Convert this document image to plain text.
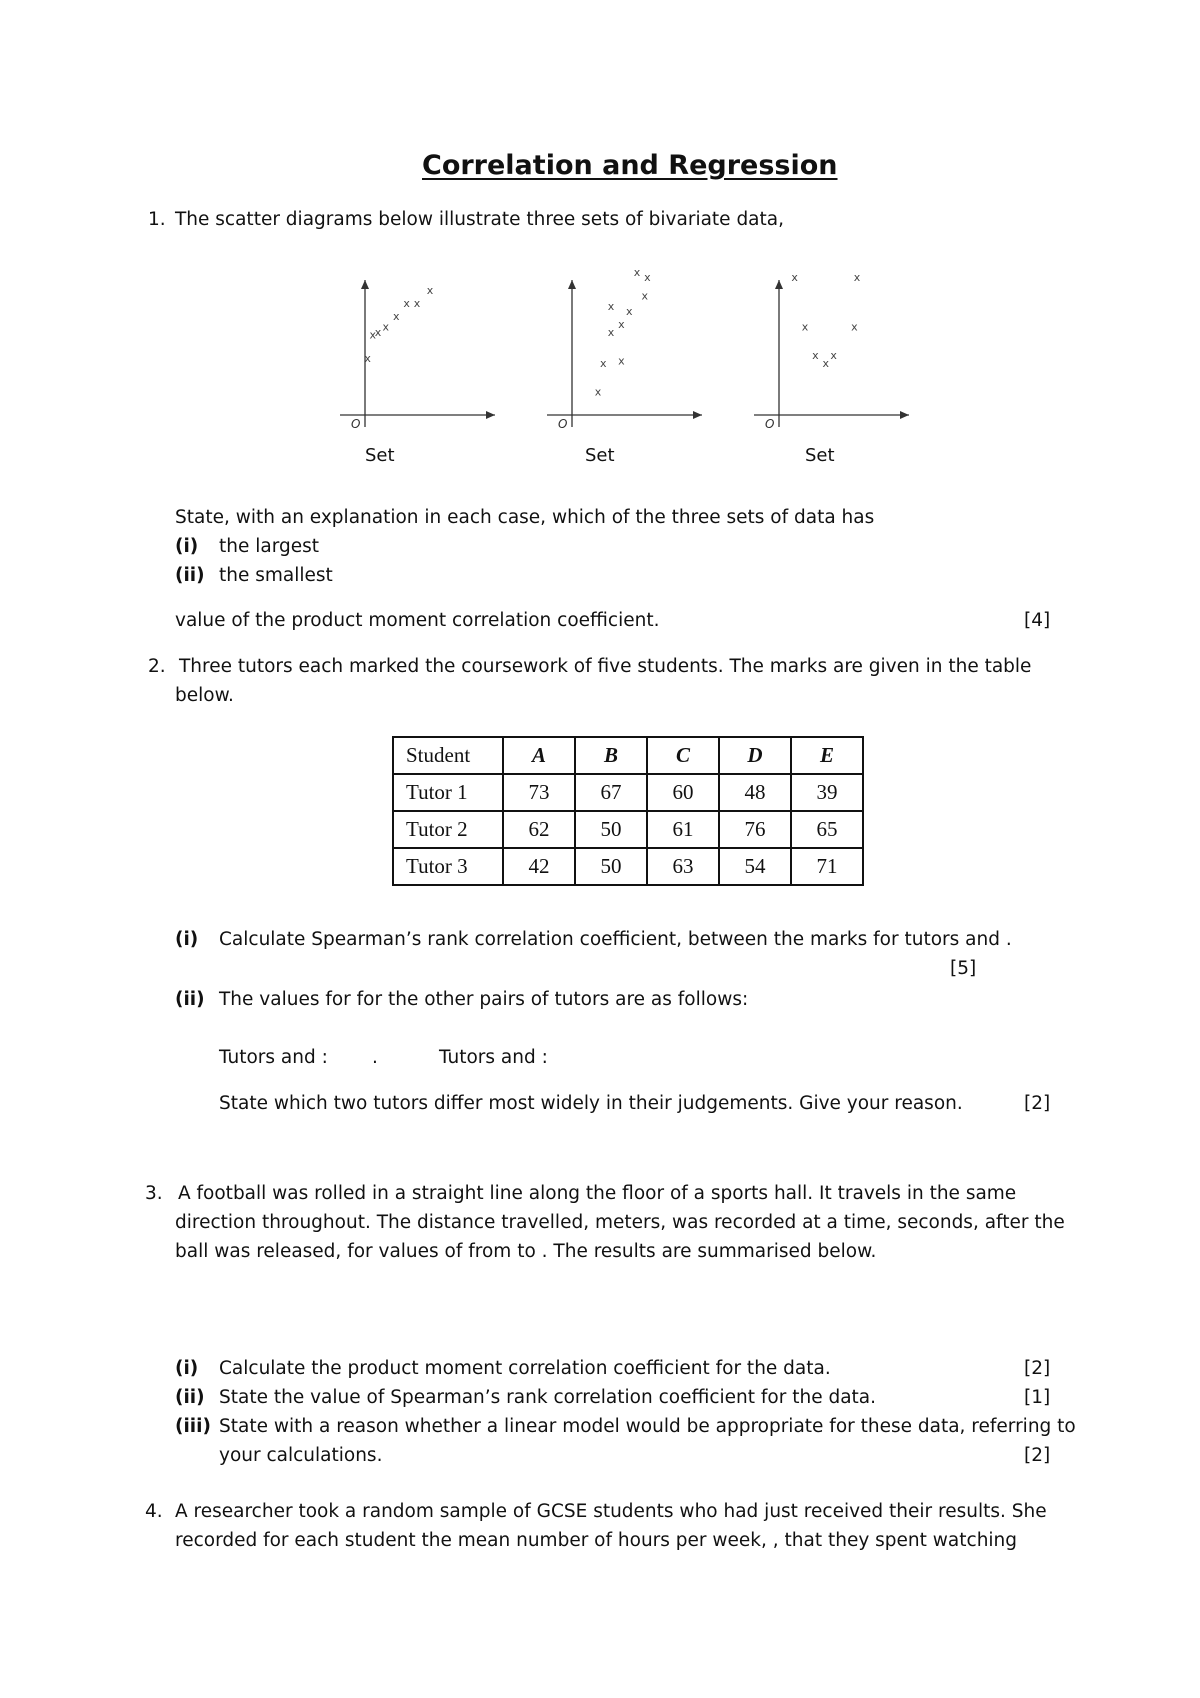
Correlation and Regression
1. The scatter diagrams below illustrate three sets of bivariate data,
O
x
x
x x
x
x x
x
O
x
x
x
x
x
x
x
x
x
x
O
x
x
x
x
x
x
x
Set	Set	Set
State, with an explanation in each case, which of the three sets of data has
(i) the largest
(ii) the smallest
value of the product moment correlation coefficient.	[4]
2. Three tutors each marked the coursework of five students. The marks are given in the table
below.
Student	A	B	C	D	E
Tutor 1	73	67	60	48	39
Tutor 2	62	50	61	76	65
Tutor 3	42	50	63	54	71
(i) Calculate Spearman’s rank correlation coefficient, between the marks for tutors and .
[5]
(ii) The values for for the other pairs of tutors are as follows:
Tutors and : .	Tutors and :
State which two tutors differ most widely in their judgements. Give your reason.	[2]
3. A football was rolled in a straight line along the floor of a sports hall. It travels in the same
direction throughout. The distance travelled, meters, was recorded at a time, seconds, after the
ball was released, for values of from to . The results are summarised below.
(i) Calculate the product moment correlation coefficient for the data.	[2]
(ii) State the value of Spearman’s rank correlation coefficient for the data.	[1]
(iii) State with a reason whether a linear model would be appropriate for these data, referring to
your calculations.	[2]
4. A researcher took a random sample of GCSE students who had just received their results. She
recorded for each student the mean number of hours per week, , that they spent watching
